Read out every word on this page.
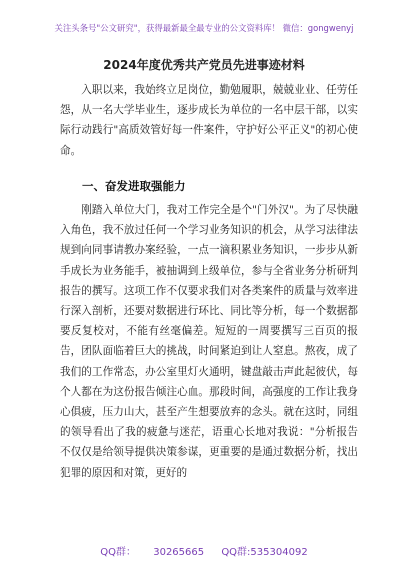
关注头条号"公文研究"，获得最新最全最专业的公文资料库！ 微信：gongwenyj
2024年度优秀共产党员先进事迹材料
入职以来，我始终立足岗位，勤勉履职，兢兢业业、任劳任怨，从一名大学毕业生，逐步成长为单位的一名中层干部，以实际行动践行"高质效管好每一件案件，守护好公平正义"的初心使命。
一、奋发进取强能力
刚踏入单位大门，我对工作完全是个"门外汉"。为了尽快融入角色，我不放过任何一个学习业务知识的机会，从学习法律法规到向同事请教办案经验，一点一滴积累业务知识，一步步从新手成长为业务能手，被抽调到上级单位，参与全省业务分析研判报告的撰写。这项工作不仅要求我们对各类案件的质量与效率进行深入剖析，还要对数据进行环比、同比等分析，每一个数据都要反复校对，不能有丝毫偏差。短短的一周要撰写三百页的报告，团队面临着巨大的挑战，时间紧迫到让人窒息。熬夜，成了我们的工作常态，办公室里灯火通明，键盘敲击声此起彼伏，每个人都在为这份报告倾注心血。那段时间，高强度的工作让我身心俱疲，压力山大，甚至产生想要放弃的念头。就在这时，同组的领导看出了我的疲惫与迷茫，语重心长地对我说："分析报告不仅仅是给领导提供决策参谋，更重要的是通过数据分析，找出犯罪的原因和对策，更好的
QQ群： 30265665 QQ群:535304092
